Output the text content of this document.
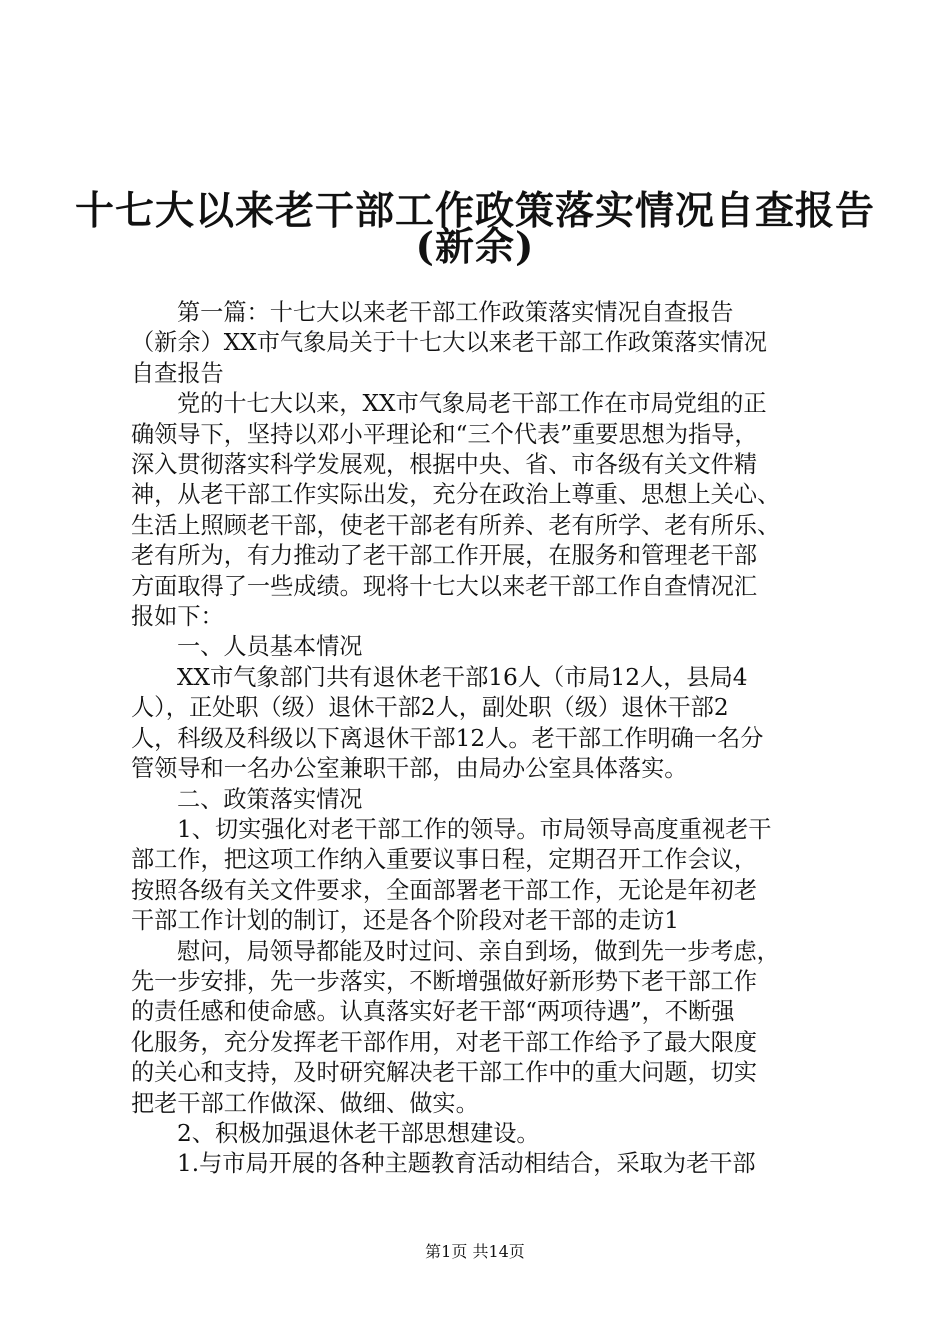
十七大以来老干部工作政策落实情况自查报告
(新余)

第一篇：十七大以来老干部工作政策落实情况自查报告

（新余）XX市气象局关于十七大以来老干部工作政策落实情况

自查报告

党的十七大以来，XX市气象局老干部工作在市局党组的正

确领导下，坚持以邓小平理论和“三个代表”重要思想为指导，

深入贯彻落实科学发展观，根据中央、省、市各级有关文件精

神，从老干部工作实际出发，充分在政治上尊重、思想上关心、

生活上照顾老干部，使老干部老有所养、老有所学、老有所乐、

老有所为，有力推动了老干部工作开展，在服务和管理老干部

方面取得了一些成绩。现将十七大以来老干部工作自查情况汇

报如下：

一、人员基本情况

XX市气象部门共有退休老干部16人（市局12人，县局4

人），正处职（级）退休干部2人，副处职（级）退休干部2

人，科级及科级以下离退休干部12人。老干部工作明确一名分

管领导和一名办公室兼职干部，由局办公室具体落实。

二、政策落实情况

1、切实强化对老干部工作的领导。市局领导高度重视老干

部工作，把这项工作纳入重要议事日程，定期召开工作会议，

按照各级有关文件要求，全面部署老干部工作，无论是年初老

干部工作计划的制订，还是各个阶段对老干部的走访1

慰问，局领导都能及时过问、亲自到场，做到先一步考虑，

先一步安排，先一步落实，不断增强做好新形势下老干部工作

的责任感和使命感。认真落实好老干部“两项待遇”，不断强

化服务，充分发挥老干部作用，对老干部工作给予了最大限度

的关心和支持，及时研究解决老干部工作中的重大问题，切实

把老干部工作做深、做细、做实。

2、积极加强退休老干部思想建设。

1.与市局开展的各种主题教育活动相结合，采取为老干部

第1页 共14页
